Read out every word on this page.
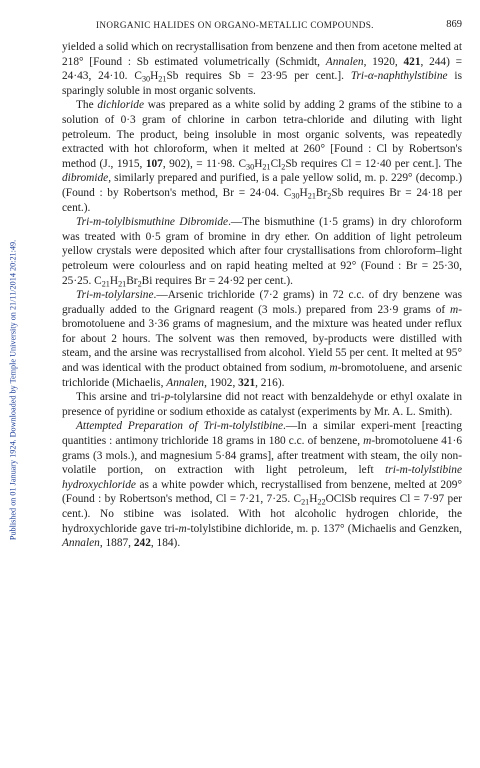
INORGANIC HALIDES ON ORGANO-METALLIC COMPOUNDS.	869
Published on 01 January 1924. Downloaded by Temple University on 21/11/2014 20:21:49.

yielded a solid which on recrystallisation from benzene and then from acetone melted at 218° [Found : Sb estimated volumetrically (Schmidt, Annalen, 1920, 421, 244) = 24·43, 24·10. $C_{30}H_{21}Sb$ requires Sb = 23·95 per cent.]. Tri-α-naphthylstibine is sparingly soluble in most organic solvents.

The dichloride was prepared as a white solid by adding 2 grams of the stibine to a solution of 0·3 gram of chlorine in carbon tetra-chloride and diluting with light petroleum. The product, being insoluble in most organic solvents, was repeatedly extracted with hot chloroform, when it melted at 260° [Found : Cl by Robertson's method (J., 1915, 107, 902), = 11·98. $C_{30}H_{21}Cl_2Sb$ requires Cl = 12·40 per cent.]. The dibromide, similarly prepared and purified, is a pale yellow solid, m. p. 229° (decomp.) (Found : by Robertson's method, Br = 24·04. $C_{30}H_{21}Br_2Sb$ requires Br = 24·18 per cent.).

Tri-m-tolylbismuthine Dibromide.—The bismuthine (1·5 grams) in dry chloroform was treated with 0·5 gram of bromine in dry ether. On addition of light petroleum yellow crystals were deposited which after four crystallisations from chloroform–light petroleum were colourless and on rapid heating melted at 92° (Found : Br = 25·30, 25·25. $C_{21}H_{21}Br_2Bi$ requires Br = 24·92 per cent.).

Tri-m-tolylarsine.—Arsenic trichloride (7·2 grams) in 72 c.c. of dry benzene was gradually added to the Grignard reagent (3 mols.) prepared from 23·9 grams of m-bromotoluene and 3·36 grams of magnesium, and the mixture was heated under reflux for about 2 hours. The solvent was then removed, by-products were distilled with steam, and the arsine was recrystallised from alcohol. Yield 55 per cent. It melted at 95° and was identical with the product obtained from sodium, m-bromotoluene, and arsenic trichloride (Michaelis, Annalen, 1902, 321, 216).

This arsine and tri-p-tolylarsine did not react with benzaldehyde or ethyl oxalate in presence of pyridine or sodium ethoxide as catalyst (experiments by Mr. A. L. Smith).

Attempted Preparation of Tri-m-tolylstibine.—In a similar experi-ment [reacting quantities : antimony trichloride 18 grams in 180 c.c. of benzene, m-bromotoluene 41·6 grams (3 mols.), and magnesium 5·84 grams], after treatment with steam, the oily non-volatile portion, on extraction with light petroleum, left tri-m-tolylstibine hydroxychloride as a white powder which, recrystallised from benzene, melted at 209° (Found : by Robertson's method, Cl = 7·21, 7·25. $C_{21}H_{22}OClSb$ requires Cl = 7·97 per cent.). No stibine was isolated. With hot alcoholic hydrogen chloride, the hydroxychloride gave tri-m-tolylstibine dichloride, m. p. 137° (Michaelis and Genzken, Annalen, 1887, 242, 184).
